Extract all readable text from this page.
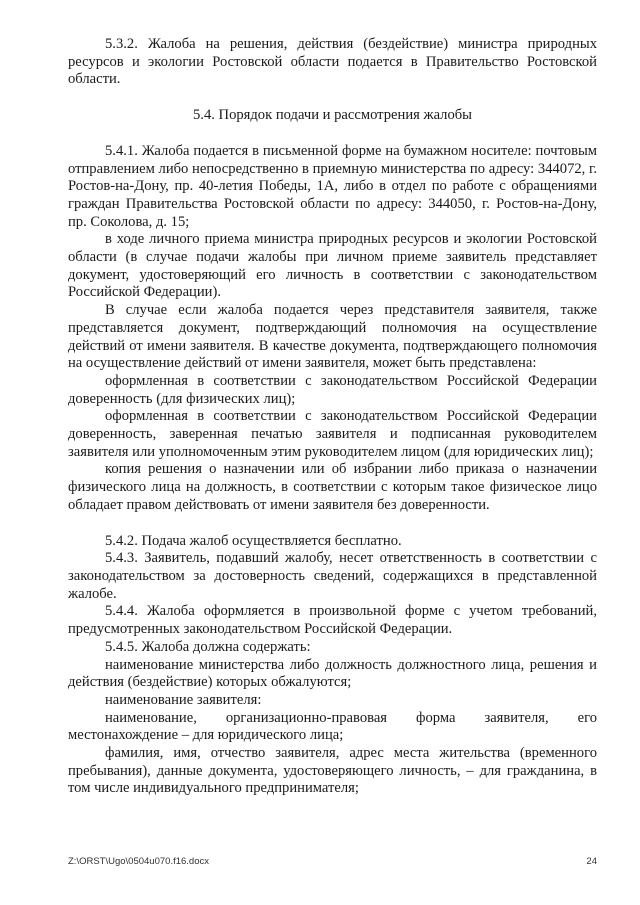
5.3.2. Жалоба на решения, действия (бездействие) министра природных ресурсов и экологии Ростовской области подается в Правительство Ростовской области.

5.4. Порядок подачи и рассмотрения жалобы

5.4.1. Жалоба подается в письменной форме на бумажном носителе: почтовым отправлением либо непосредственно в приемную министерства по адресу: 344072, г. Ростов-на-Дону, пр. 40-летия Победы, 1А, либо в отдел по работе с обращениями граждан Правительства Ростовской области по адресу: 344050, г. Ростов-на-Дону, пр. Соколова, д. 15;

в ходе личного приема министра природных ресурсов и экологии Ростовской области (в случае подачи жалобы при личном приеме заявитель представляет документ, удостоверяющий его личность в соответствии с законодательством Российской Федерации).

В случае если жалоба подается через представителя заявителя, также представляется документ, подтверждающий полномочия на осуществление действий от имени заявителя. В качестве документа, подтверждающего полномочия на осуществление действий от имени заявителя, может быть представлена:

оформленная в соответствии с законодательством Российской Федерации доверенность (для физических лиц);

оформленная в соответствии с законодательством Российской Федерации доверенность, заверенная печатью заявителя и подписанная руководителем заявителя или уполномоченным этим руководителем лицом (для юридических лиц);

копия решения о назначении или об избрании либо приказа о назначении физического лица на должность, в соответствии с которым такое физическое лицо обладает правом действовать от имени заявителя без доверенности.

5.4.2. Подача жалоб осуществляется бесплатно.

5.4.3. Заявитель, подавший жалобу, несет ответственность в соответствии с законодательством за достоверность сведений, содержащихся в представленной жалобе.

5.4.4. Жалоба оформляется в произвольной форме с учетом требований, предусмотренных законодательством Российской Федерации.

5.4.5. Жалоба должна содержать:

наименование министерства либо должность должностного лица, решения и действия (бездействие) которых обжалуются;

наименование заявителя:

наименование, организационно-правовая форма заявителя, его местонахождение – для юридического лица;

фамилия, имя, отчество заявителя, адрес места жительства (временного пребывания), данные документа, удостоверяющего личность, – для гражданина, в том числе индивидуального предпринимателя;

Z:\ORST\Ugo\0504u070.f16.docx	24
